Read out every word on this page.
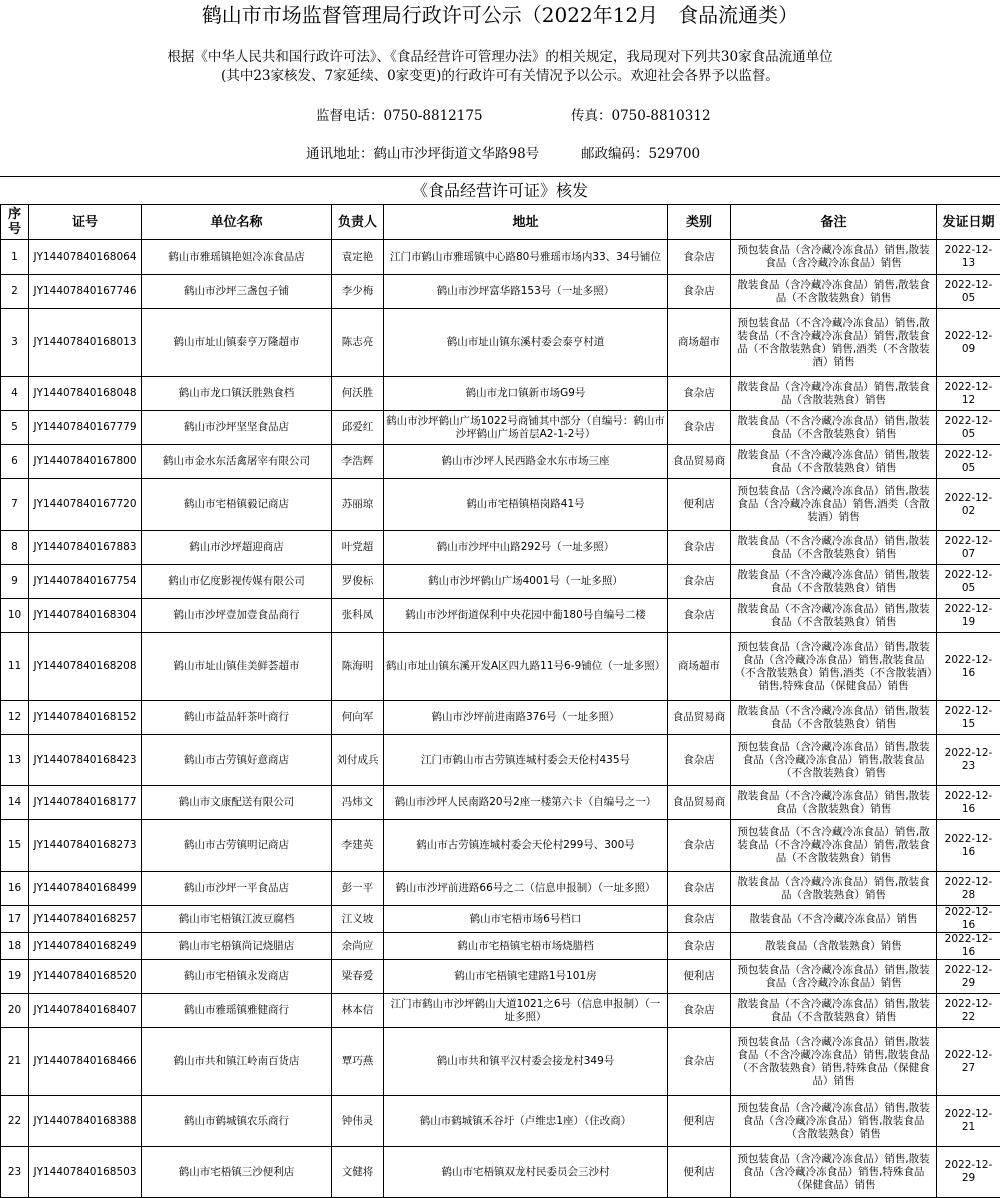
鹤山市市场监督管理局行政许可公示（2022年12月　食品流通类）
根据《中华人民共和国行政许可法》、《食品经营许可管理办法》的相关规定，我局现对下列共30家食品流通单位
(其中23家核发、7家延续、0家变更)的行政许可有关情况予以公示。欢迎社会各界予以监督。
监督电话：0750-8812175	传真：0750-8810312
通讯地址：鹤山市沙坪街道文华路98号	邮政编码：529700
《食品经营许可证》核发
序号	证号	单位名称	负责人	地址	类别	备注	发证日期
1	JY14407840168064	鹤山市雅瑶镇艳妲冷冻食品店	袁定艳	江门市鹤山市雅瑶镇中心路80号雅瑶市场内33、34号铺位	食杂店	预包装食品（含冷藏冷冻食品）销售,散装食品（含冷藏冷冻食品）销售	2022-12-13
2	JY14407840167746	鹤山市沙坪三盏包子铺	李少梅	鹤山市沙坪富华路153号（一址多照）	食杂店	散装食品（含冷藏冷冻食品）销售,散装食品（不含散装熟食）销售	2022-12-05
3	JY14407840168013	鹤山市址山镇泰亨万隆超市	陈志亮	鹤山市址山镇东溪村委会泰亨村道	商场超市	预包装食品（不含冷藏冷冻食品）销售,散装食品（不含冷藏冷冻食品）销售,散装食品（不含散装熟食）销售,酒类（不含散装酒）销售	2022-12-09
4	JY14407840168048	鹤山市龙口镇沃胜熟食档	何沃胜	鹤山市龙口镇新市场G9号	食杂店	散装食品（含冷藏冷冻食品）销售,散装食品（含散装熟食）销售	2022-12-12
5	JY14407840167779	鹤山市沙坪坚坚食品店	邱爱红	鹤山市沙坪鹤山广场1022号商铺其中部分（自编号：鹤山市沙坪鹤山广场首层A2-1-2号）	食杂店	散装食品（不含冷藏冷冻食品）销售,散装食品（不含散装熟食）销售	2022-12-05
6	JY14407840167800	鹤山市金水东活禽屠宰有限公司	李浩辉	鹤山市沙坪人民西路金水东市场三座	食品贸易商	散装食品（不含冷藏冷冻食品）销售,散装食品（不含散装熟食）销售	2022-12-05
7	JY14407840167720	鹤山市宅梧镇毅记商店	苏丽琼	鹤山市宅梧镇梧岗路41号	便利店	预包装食品（含冷藏冷冻食品）销售,散装食品（含冷藏冷冻食品）销售,酒类（含散装酒）销售	2022-12-02
8	JY14407840167883	鹤山市沙坪超迎商店	叶党超	鹤山市沙坪中山路292号（一址多照）	食杂店	散装食品（不含冷藏冷冻食品）销售,散装食品（不含散装熟食）销售	2022-12-07
9	JY14407840167754	鹤山市亿度影视传媒有限公司	罗俊标	鹤山市沙坪鹤山广场4001号（一址多照）	食杂店	散装食品（不含冷藏冷冻食品）销售,散装食品（不含散装熟食）销售	2022-12-05
10	JY14407840168304	鹤山市沙坪壹加壹食品商行	张科凤	鹤山市沙坪街道保利中央花园中葡180号自编号二楼	食杂店	散装食品（不含冷藏冷冻食品）销售,散装食品（不含散装熟食）销售	2022-12-19
11	JY14407840168208	鹤山市址山镇佳美鲜荟超市	陈海明	鹤山市址山镇东溪开发A区四九路11号6-9铺位（一址多照）	商场超市	预包装食品（含冷藏冷冻食品）销售,散装食品（含冷藏冷冻食品）销售,散装食品（不含散装熟食）销售,酒类（不含散装酒）销售,特殊食品（保健食品）销售	2022-12-16
12	JY14407840168152	鹤山市益品轩茶叶商行	何向军	鹤山市沙坪前进南路376号（一址多照）	食品贸易商	散装食品（不含冷藏冷冻食品）销售,散装食品（不含散装熟食）销售	2022-12-15
13	JY14407840168423	鹤山市古劳镇好意商店	刘付成兵	江门市鹤山市古劳镇连城村委会天伦村435号	食杂店	预包装食品（含冷藏冷冻食品）销售,散装食品（含冷藏冷冻食品）销售,散装食品（不含散装熟食）销售	2022-12-23
14	JY14407840168177	鹤山市文康配送有限公司	冯炜文	鹤山市沙坪人民南路20号2座一楼第六卡（自编号之一）	食品贸易商	散装食品（不含冷藏冷冻食品）销售,散装食品（含散装熟食）销售	2022-12-16
15	JY14407840168273	鹤山市古劳镇明记商店	李建英	鹤山市古劳镇连城村委会天伦村299号、300号	食杂店	预包装食品（不含冷藏冷冻食品）销售,散装食品（不含冷藏冷冻食品）销售,散装食品（不含散装熟食）销售	2022-12-16
16	JY14407840168499	鹤山市沙坪一平食品店	彭一平	鹤山市沙坪前进路66号之二（信息申报制）（一址多照）	食杂店	散装食品（含冷藏冷冻食品）销售,散装食品（含散装熟食）销售	2022-12-28
17	JY14407840168257	鹤山市宅梧镇江波豆腐档	江义坡	鹤山市宅梧市场6号档口	食杂店	散装食品（不含冷藏冷冻食品）销售	2022-12-16
18	JY14407840168249	鹤山市宅梧镇尚记烧腊店	余尚应	鹤山市宅梧镇宅梧市场烧腊档	食杂店	散装食品（含散装熟食）销售	2022-12-16
19	JY14407840168520	鹤山市宅梧镇永发商店	梁春爱	鹤山市宅梧镇宅建路1号101房	便利店	预包装食品（含冷藏冷冻食品）销售,散装食品（含冷藏冷冻食品）销售	2022-12-29
20	JY14407840168407	鹤山市雅瑶镇雅健商行	林本信	江门市鹤山市沙坪鹤山大道1021之6号（信息申报制）（一址多照）	食杂店	散装食品（不含冷藏冷冻食品）销售,散装食品（不含散装熟食）销售	2022-12-22
21	JY14407840168466	鹤山市共和镇江岭南百货店	覃巧燕	鹤山市共和镇平汉村委会接龙村349号	食杂店	预包装食品（含冷藏冷冻食品）销售,散装食品（不含冷藏冷冻食品）销售,散装食品（不含散装熟食）销售,特殊食品（保健食品）销售	2022-12-27
22	JY14407840168388	鹤山市鹤城镇农乐商行	钟伟灵	鹤山市鹤城镇禾谷圩（卢维忠1座）（住改商）	便利店	预包装食品（含冷藏冷冻食品）销售,散装食品（含冷藏冷冻食品）销售,散装食品（含散装熟食）销售	2022-12-21
23	JY14407840168503	鹤山市宅梧镇三沙便利店	文健将	鹤山市宅梧镇双龙村民委员会三沙村	便利店	预包装食品（含冷藏冷冻食品）销售,散装食品（含冷藏冷冻食品）销售,特殊食品（保健食品）销售	2022-12-29
